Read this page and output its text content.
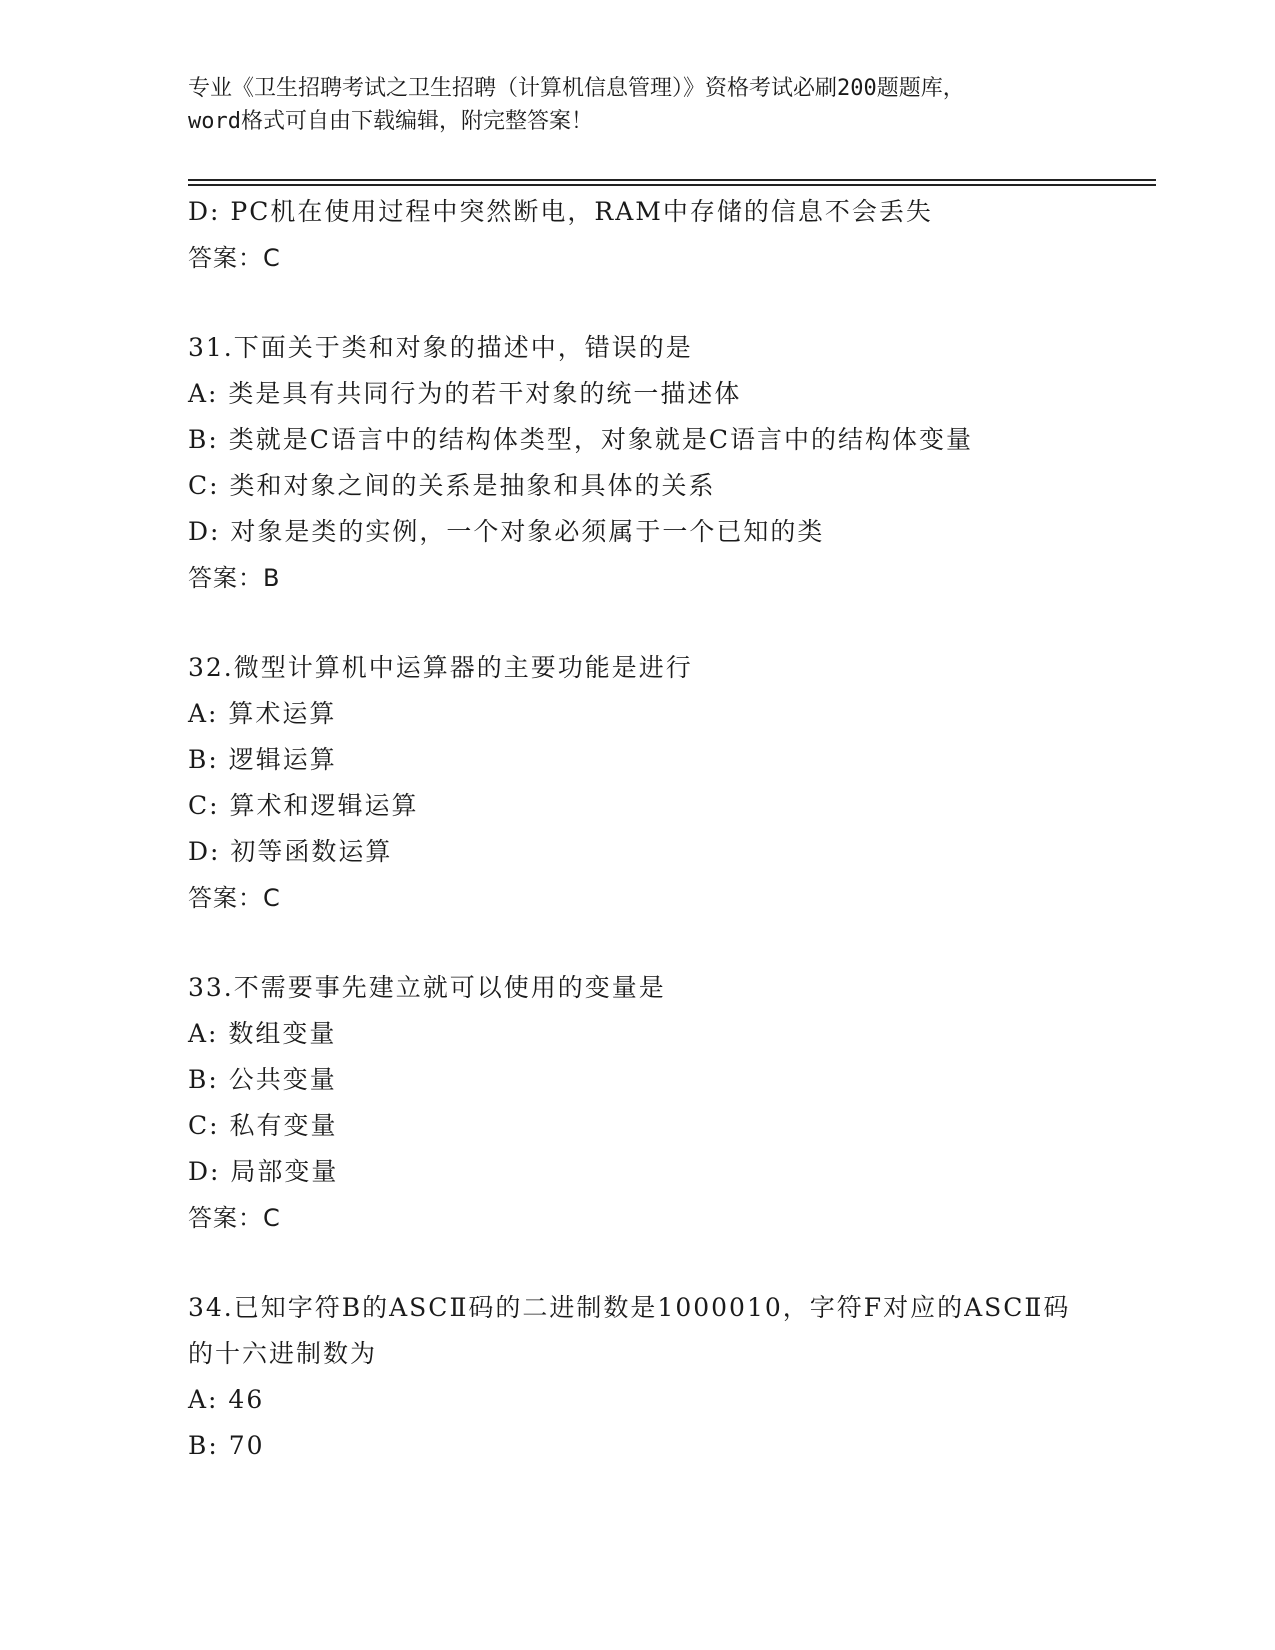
专业《卫生招聘考试之卫生招聘（计算机信息管理）》资格考试必刷200题题库，
word格式可自由下载编辑，附完整答案！
D: PC机在使用过程中突然断电，RAM中存储的信息不会丢失
答案：C
31.下面关于类和对象的描述中，错误的是
A: 类是具有共同行为的若干对象的统一描述体
B: 类就是C语言中的结构体类型，对象就是C语言中的结构体变量
C: 类和对象之间的关系是抽象和具体的关系
D: 对象是类的实例，一个对象必须属于一个已知的类
答案：B
32.微型计算机中运算器的主要功能是进行
A: 算术运算
B: 逻辑运算
C: 算术和逻辑运算
D: 初等函数运算
答案：C
33.不需要事先建立就可以使用的变量是
A: 数组变量
B: 公共变量
C: 私有变量
D: 局部变量
答案：C
34.已知字符B的ASCⅡ码的二进制数是1000010，字符F对应的ASCⅡ码的十六进制数为
A: 46
B: 70
